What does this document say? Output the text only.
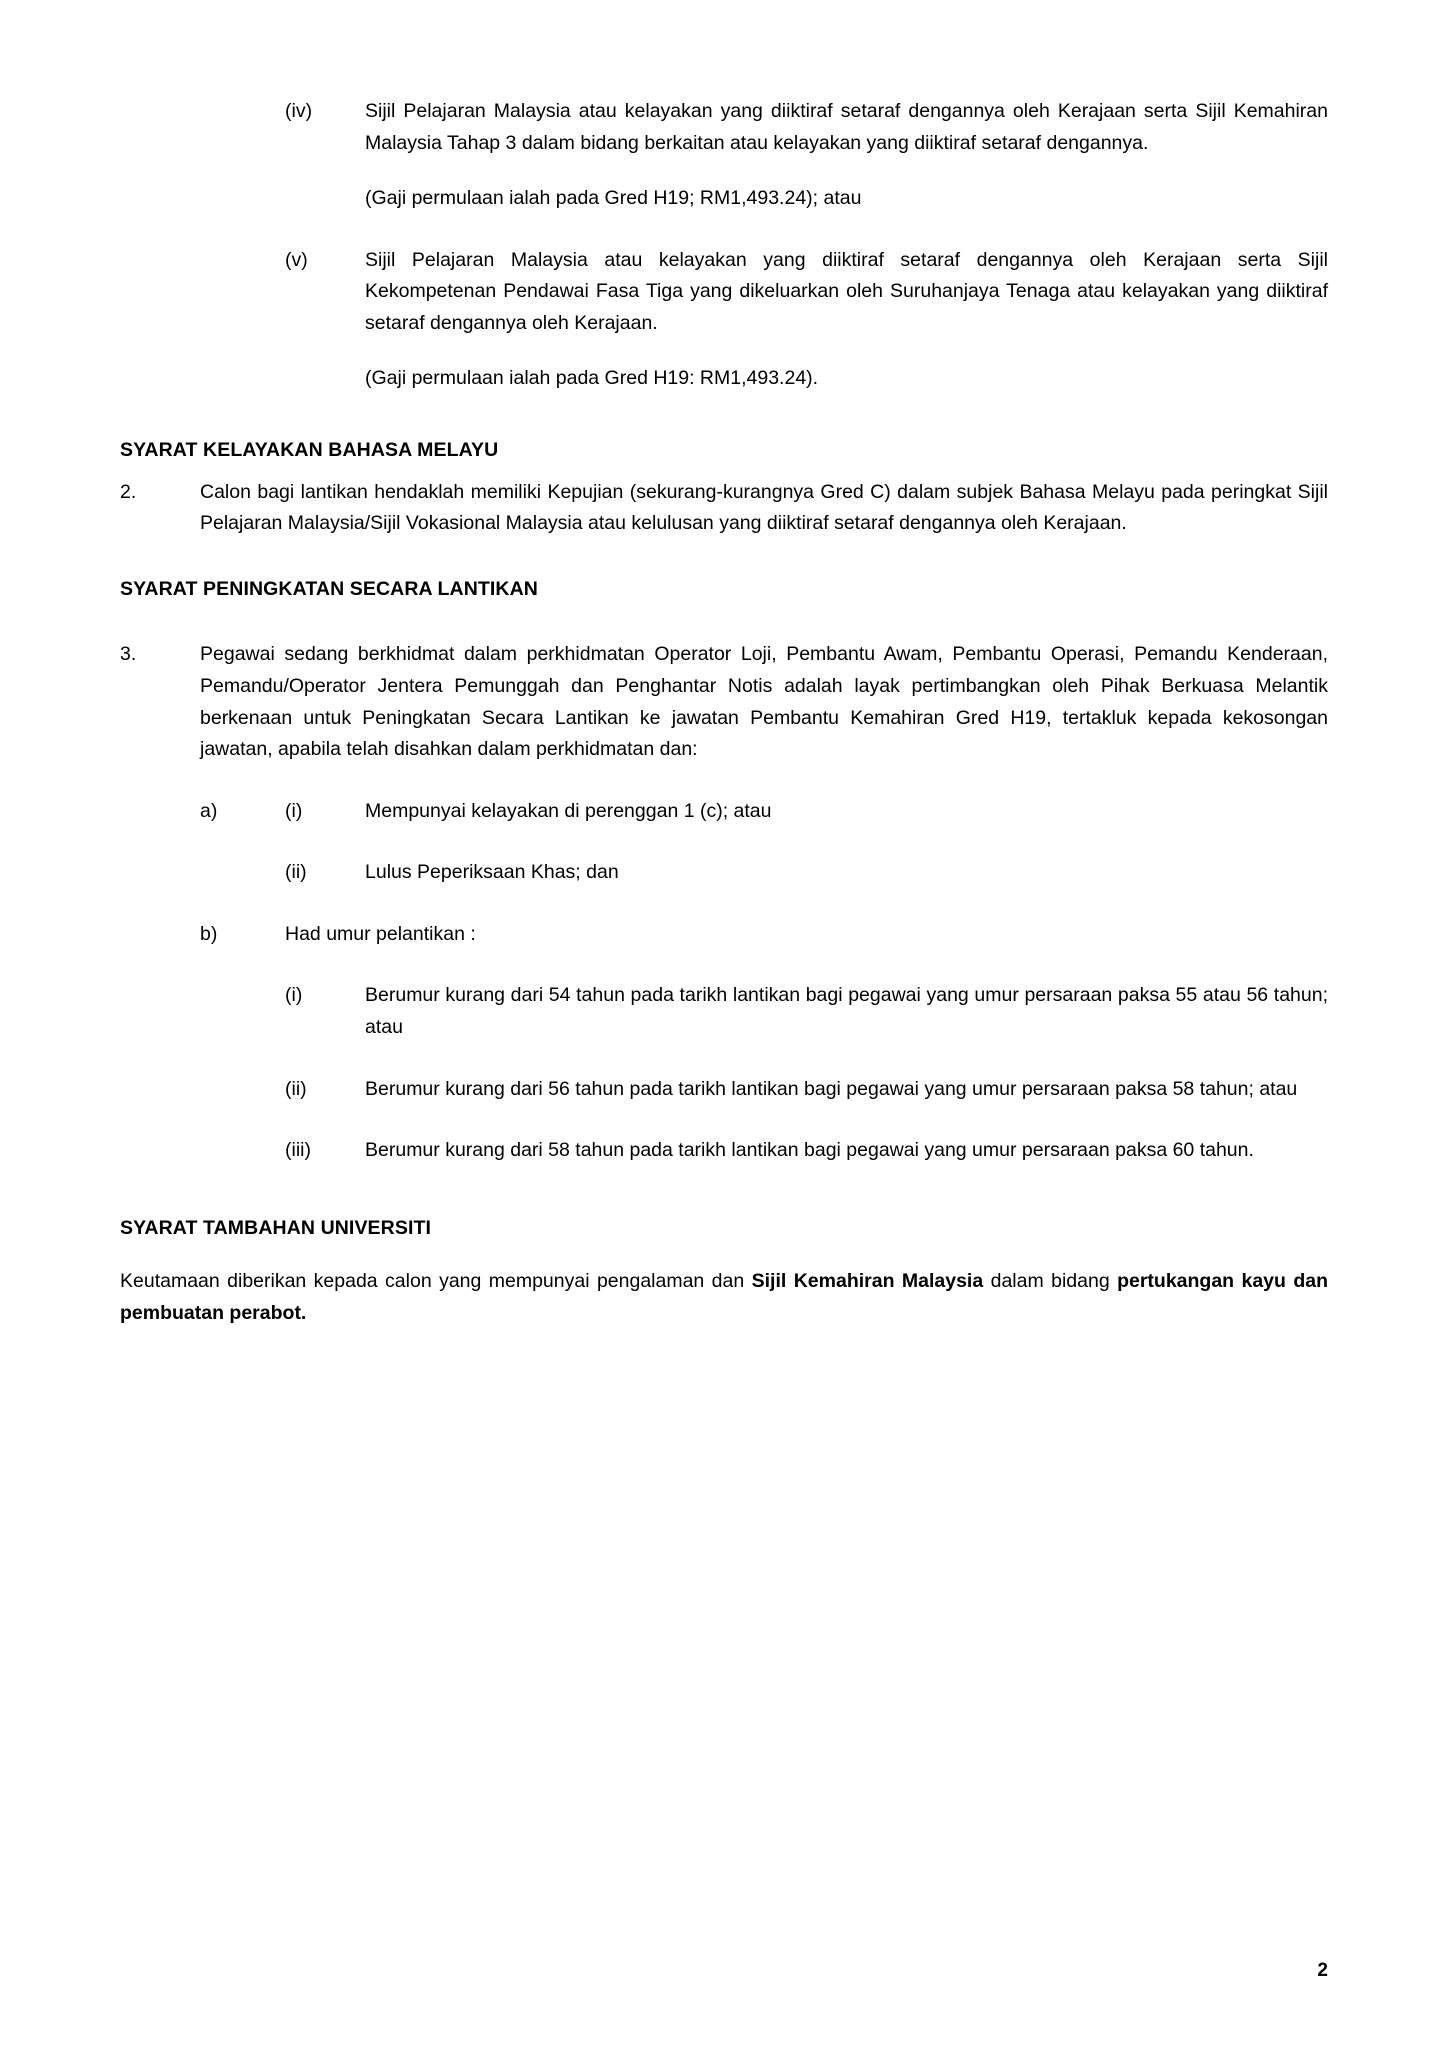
(iv)	Sijil Pelajaran Malaysia atau kelayakan yang diiktiraf setaraf dengannya oleh Kerajaan serta Sijil Kemahiran Malaysia Tahap 3 dalam bidang berkaitan atau kelayakan yang diiktiraf setaraf dengannya.
(Gaji permulaan ialah pada Gred H19; RM1,493.24); atau
(v)	Sijil Pelajaran Malaysia atau kelayakan yang diiktiraf setaraf dengannya oleh Kerajaan serta Sijil Kekompetenan Pendawai Fasa Tiga yang dikeluarkan oleh Suruhanjaya Tenaga atau kelayakan yang diiktiraf setaraf dengannya oleh Kerajaan.
(Gaji permulaan ialah pada Gred H19: RM1,493.24).
SYARAT KELAYAKAN BAHASA MELAYU
2.	Calon bagi lantikan hendaklah memiliki Kepujian (sekurang-kurangnya Gred C) dalam subjek Bahasa Melayu pada peringkat Sijil Pelajaran Malaysia/Sijil Vokasional Malaysia atau kelulusan yang diiktiraf setaraf dengannya oleh Kerajaan.
SYARAT PENINGKATAN SECARA LANTIKAN
3.	Pegawai sedang berkhidmat dalam perkhidmatan Operator Loji, Pembantu Awam, Pembantu Operasi, Pemandu Kenderaan, Pemandu/Operator Jentera Pemunggah dan Penghantar Notis adalah layak pertimbangkan oleh Pihak Berkuasa Melantik berkenaan untuk Peningkatan Secara Lantikan ke jawatan Pembantu Kemahiran Gred H19, tertakluk kepada kekosongan jawatan, apabila telah disahkan dalam perkhidmatan dan:
a)	(i)	Mempunyai kelayakan di perenggan 1 (c); atau
(ii)	Lulus Peperiksaan Khas; dan
b)	Had umur pelantikan :
(i)	Berumur kurang dari 54 tahun pada tarikh lantikan bagi pegawai yang umur persaraan paksa 55 atau 56 tahun; atau
(ii)	Berumur kurang dari 56 tahun pada tarikh lantikan bagi pegawai yang umur persaraan paksa 58 tahun; atau
(iii)	Berumur kurang dari 58 tahun pada tarikh lantikan bagi pegawai yang umur persaraan paksa 60 tahun.
SYARAT TAMBAHAN UNIVERSITI
Keutamaan diberikan kepada calon yang mempunyai pengalaman dan Sijil Kemahiran Malaysia dalam bidang pertukangan kayu dan pembuatan perabot.
2
